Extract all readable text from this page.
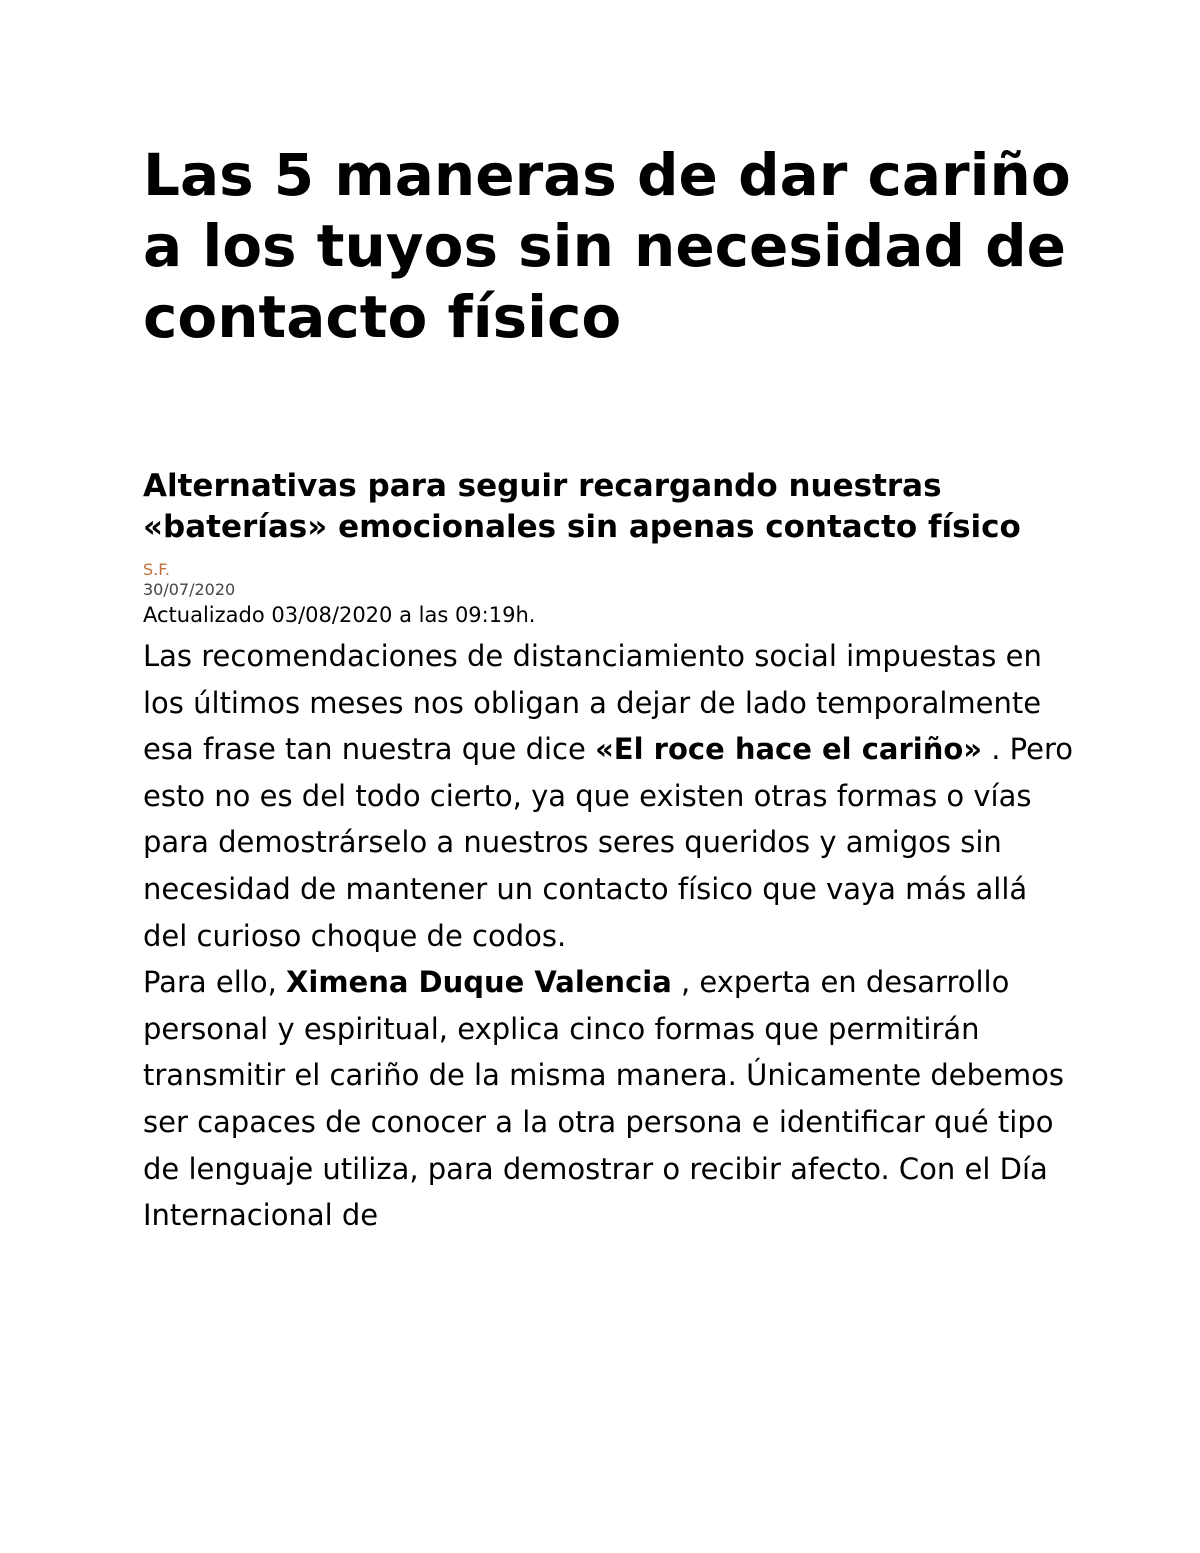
Las 5 maneras de dar cariño a los tuyos sin necesidad de contacto físico
Alternativas para seguir recargando nuestras «baterías» emocionales sin apenas contacto físico
S.F.
30/07/2020
Actualizado 03/08/2020 a las 09:19h.

Las recomendaciones de distanciamiento social impuestas en los últimos meses nos obligan a dejar de lado temporalmente esa frase tan nuestra que dice «El roce hace el cariño» . Pero esto no es del todo cierto, ya que existen otras formas o vías para demostrárselo a nuestros seres queridos y amigos sin necesidad de mantener un contacto físico que vaya más allá del curioso choque de codos.

Para ello, Ximena Duque Valencia , experta en desarrollo personal y espiritual, explica cinco formas que permitirán transmitir el cariño de la misma manera. Únicamente debemos ser capaces de conocer a la otra persona e identificar qué tipo de lenguaje utiliza, para demostrar o recibir afecto. Con el Día Internacional de
